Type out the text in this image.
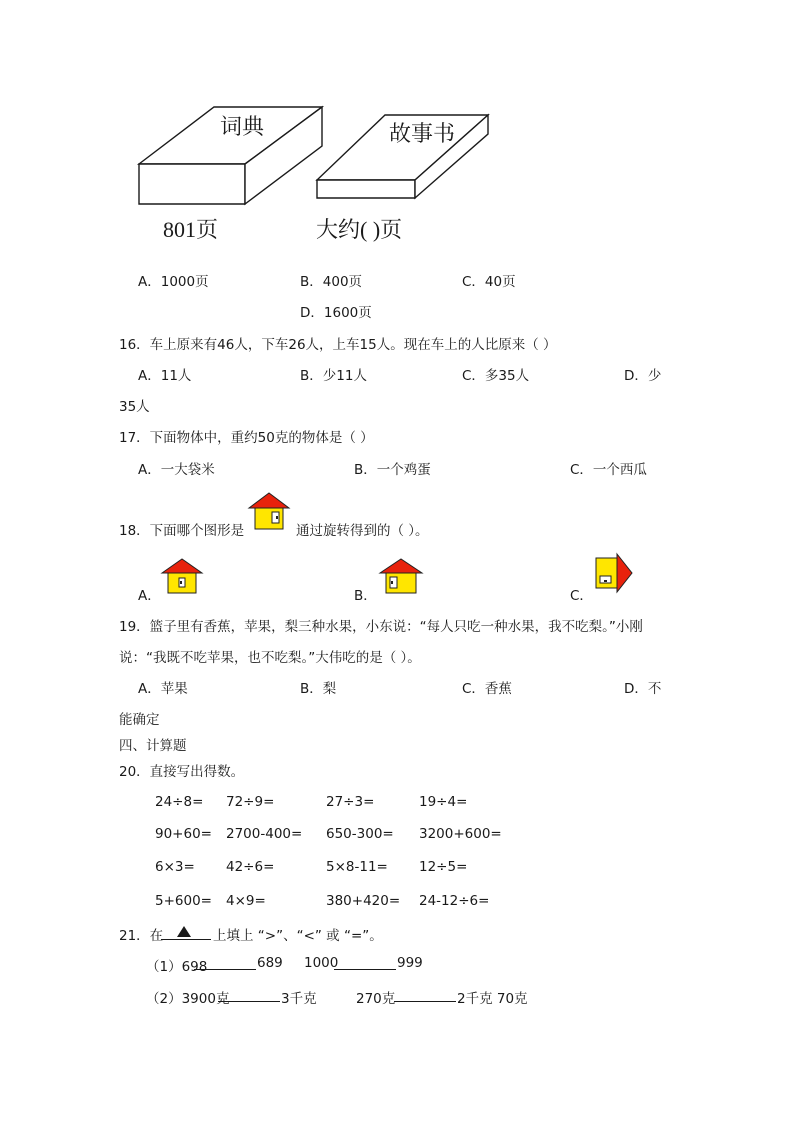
词典	故事书
801页	大约( )页
A．1000页	B．400页	C．40页
D．1600页
16．车上原来有46人，下车26人，上车15人。现在车上的人比原来（ ）
A．11人	B．少11人	C．多35人	D．少
35人
17．下面物体中，重约50克的物体是（ ）
A．一大袋米	B．一个鸡蛋	C．一个西瓜
18．下面哪个图形是	通过旋转得到的（ ）。
A．	B．	C．
19．篮子里有香蕉，苹果，梨三种水果，小东说：“每人只吃一种水果，我不吃梨。”小刚
说：“我既不吃苹果，也不吃梨。”大伟吃的是（ ）。
A．苹果	B．梨	C．香蕉	D．不
能确定
四、计算题
20．直接写出得数。
24÷8= 72÷9=	27÷3=	19÷4=
90+60= 2700-400= 650-300= 3200+600=
6×3= 42÷6=	5×8-11= 12÷5=
5+600= 4×9=	380+420= 24-12÷6=
21．在	上填上 “>”、“<” 或 “=”。
（1）698	689 1000	999
（2）3900克	3千克	270克	2千克 70克
